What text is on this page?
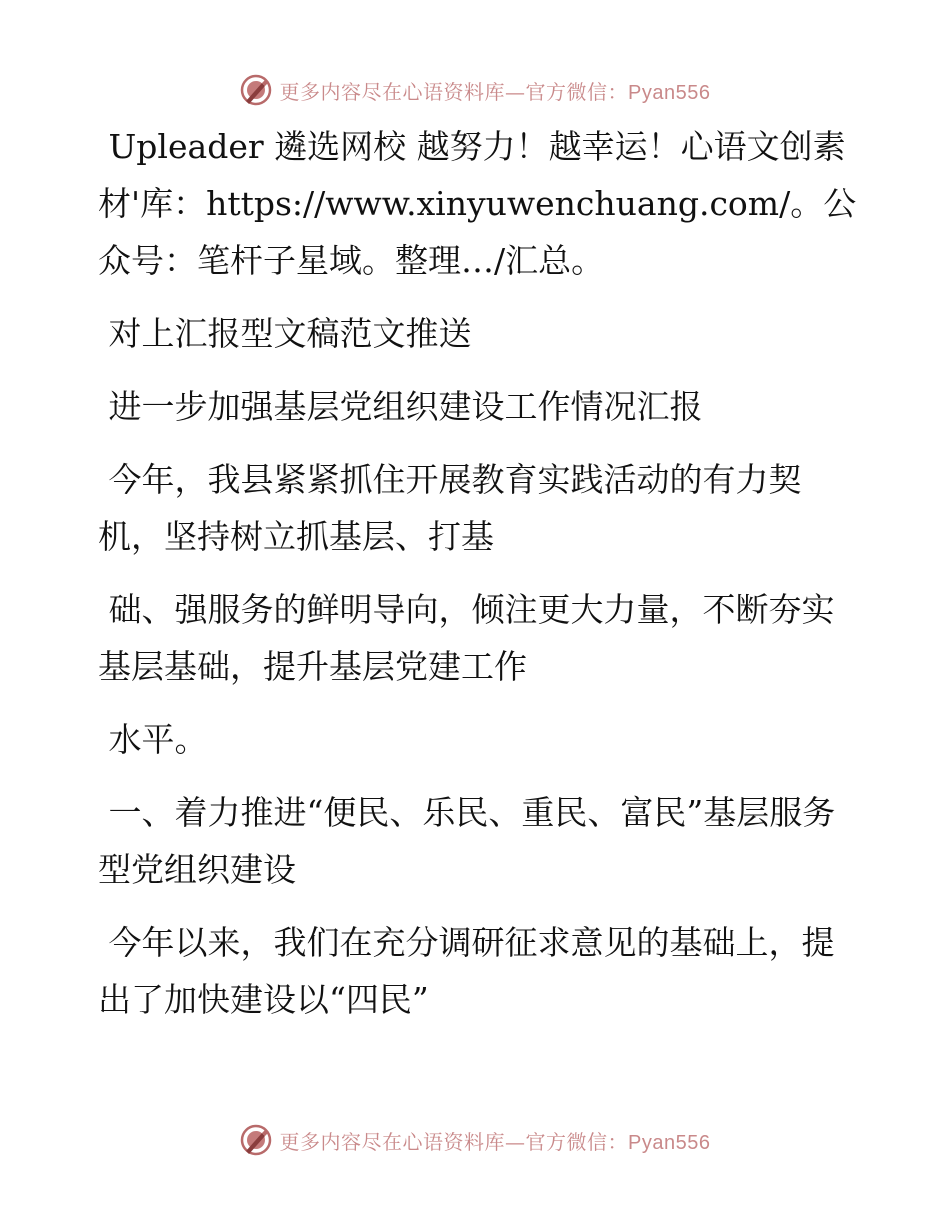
更多内容尽在心语资料库—官方微信：Pyan556

Upleader 遴选网校 越努力！越幸运！心语文创素材'库：https://www.xinyuwenchuang.com/。公众号：笔杆子星域。整理…/汇总。

对上汇报型文稿范文推送

进一步加强基层党组织建设工作情况汇报

今年，我县紧紧抓住开展教育实践活动的有力契机，坚持树立抓基层、打基

础、强服务的鲜明导向，倾注更大力量，不断夯实基层基础，提升基层党建工作

水平。

一、着力推进“便民、乐民、重民、富民”基层服务型党组织建设

今年以来，我们在充分调研征求意见的基础上，提出了加快建设以“四民”

更多内容尽在心语资料库—官方微信：Pyan556
